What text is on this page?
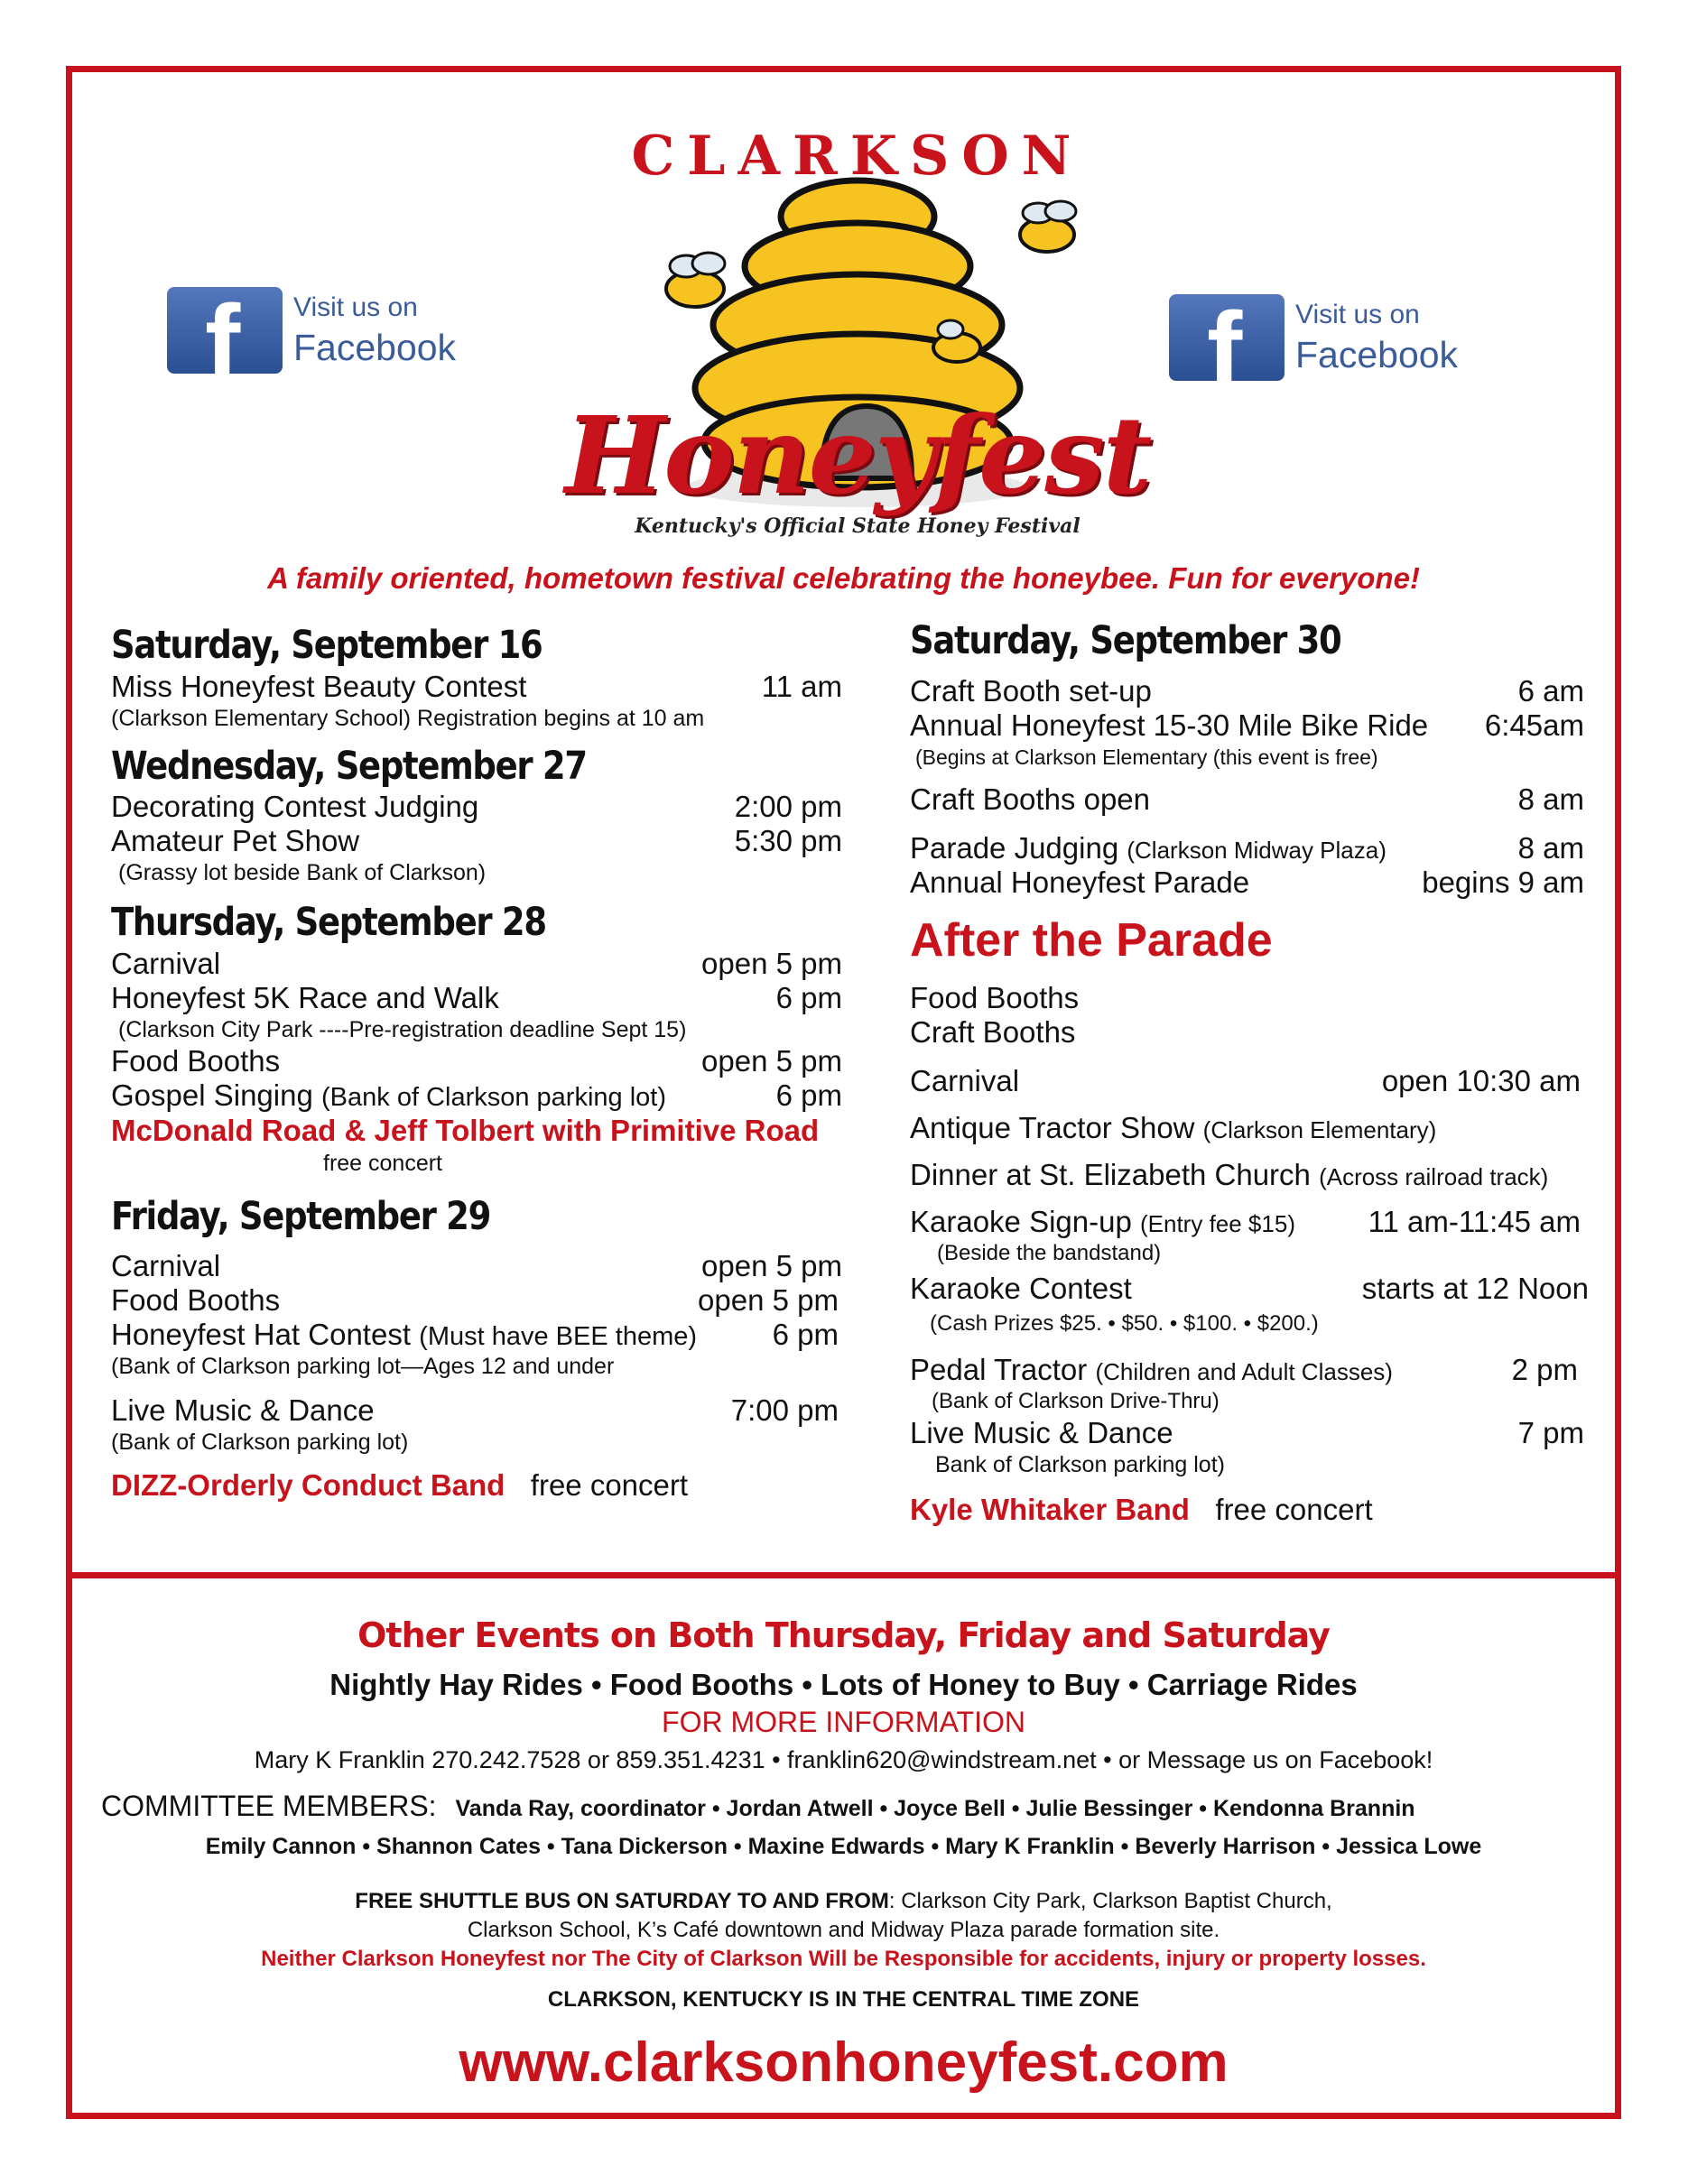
CLARKSON
Honeyfest
Kentucky's Official State Honey Festival
f Visit us on
Facebook	f Visit us on
Facebook
A family oriented, hometown festival celebrating the honeybee. Fun for everyone!
Saturday, September 16
Miss Honeyfest Beauty Contest	11 am
(Clarkson Elementary School) Registration begins at 10 am
Wednesday, September 27
Decorating Contest Judging	2:00 pm
Amateur Pet Show	5:30 pm
(Grassy lot beside Bank of Clarkson)
Thursday, September 28
Carnival	open 5 pm
Honeyfest 5K Race and Walk	6 pm
(Clarkson City Park ----Pre-registration deadline Sept 15)
Food Booths	open 5 pm
Gospel Singing (Bank of Clarkson parking lot)	6 pm
McDonald Road & Jeff Tolbert with Primitive Road
free concert
Friday, September 29
Carnival	open 5 pm
Food Booths	open 5 pm
Honeyfest Hat Contest (Must have BEE theme)	6 pm
(Bank of Clarkson parking lot—Ages 12 and under
Live Music & Dance	7:00 pm
(Bank of Clarkson parking lot)
DIZZ-Orderly Conduct Band free concert
Saturday, September 30
Craft Booth set-up	6 am
Annual Honeyfest 15-30 Mile Bike Ride 6:45am
(Begins at Clarkson Elementary (this event is free)
Craft Booths open	8 am
Parade Judging (Clarkson Midway Plaza)	8 am
Annual Honeyfest Parade	begins 9 am
After the Parade
Food Booths
Craft Booths
Carnival	open 10:30 am
Antique Tractor Show (Clarkson Elementary)
Dinner at St. Elizabeth Church (Across railroad track)
Karaoke Sign-up (Entry fee $15) 11 am-11:45 am
(Beside the bandstand)
Karaoke Contest	starts at 12 Noon
(Cash Prizes $25. • $50. • $100. • $200.)
Pedal Tractor (Children and Adult Classes)	2 pm
(Bank of Clarkson Drive-Thru)
Live Music & Dance	7 pm
Bank of Clarkson parking lot)
Kyle Whitaker Band free concert
Other Events on Both Thursday, Friday and Saturday
Nightly Hay Rides • Food Booths • Lots of Honey to Buy • Carriage Rides
FOR MORE INFORMATION
Mary K Franklin 270.242.7528 or 859.351.4231 • franklin620@windstream.net • or Message us on Facebook!
COMMITTEE MEMBERS: Vanda Ray, coordinator • Jordan Atwell • Joyce Bell • Julie Bessinger • Kendonna Brannin
Emily Cannon • Shannon Cates • Tana Dickerson • Maxine Edwards • Mary K Franklin • Beverly Harrison • Jessica Lowe
FREE SHUTTLE BUS ON SATURDAY TO AND FROM: Clarkson City Park, Clarkson Baptist Church,
Clarkson School, K’s Café downtown and Midway Plaza parade formation site.
Neither Clarkson Honeyfest nor The City of Clarkson Will be Responsible for accidents, injury or property losses.
CLARKSON, KENTUCKY IS IN THE CENTRAL TIME ZONE
www.clarksonhoneyfest.com
